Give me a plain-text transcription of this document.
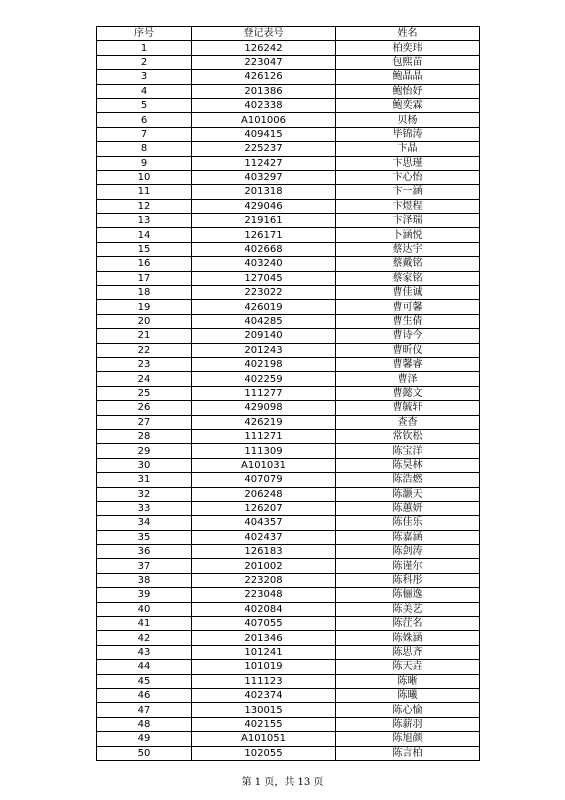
序号	登记表号	姓名
1	126242	柏奕玮
2	223047	包熙苗
3	426126	鲍晶晶
4	201386	鲍怡妤
5	402338	鲍奕霖
6	A101006	贝杨
7	409415	毕锦涛
8	225237	卞晶
9	112427	卞思瑾
10	403297	卞心怡
11	201318	卞一涵
12	429046	卞煜程
13	219161	卞泽瑞
14	126171	卜涵悦
15	402668	蔡达宇
16	403240	蔡戴铭
17	127045	蔡家铭
18	223022	曹佳诚
19	426019	曹可馨
20	404285	曹生倩
21	209140	曹诗今
22	201243	曹昕仪
23	402198	曹馨睿
24	402259	曹泽
25	111277	曹懿文
26	429098	曹毓轩
27	426219	查杳
28	111271	常钦松
29	111309	陈宝洋
30	A101031	陈昊林
31	407079	陈浩燃
32	206248	陈灏天
33	126207	陈蕙妍
34	404357	陈佳乐
35	402437	陈嘉涵
36	126183	陈剑涛
37	201002	陈谨尔
38	223208	陈科彤
39	223048	陈俪逸
40	402084	陈美艺
41	407055	陈茳名
42	201346	陈姝涵
43	101241	陈思齐
44	101019	陈天垚
45	111123	陈晰
46	402374	陈曦
47	130015	陈心愉
48	402155	陈薪羽
49	A101051	陈旭颜
50	102055	陈言柏
第 1 页，共 13 页
